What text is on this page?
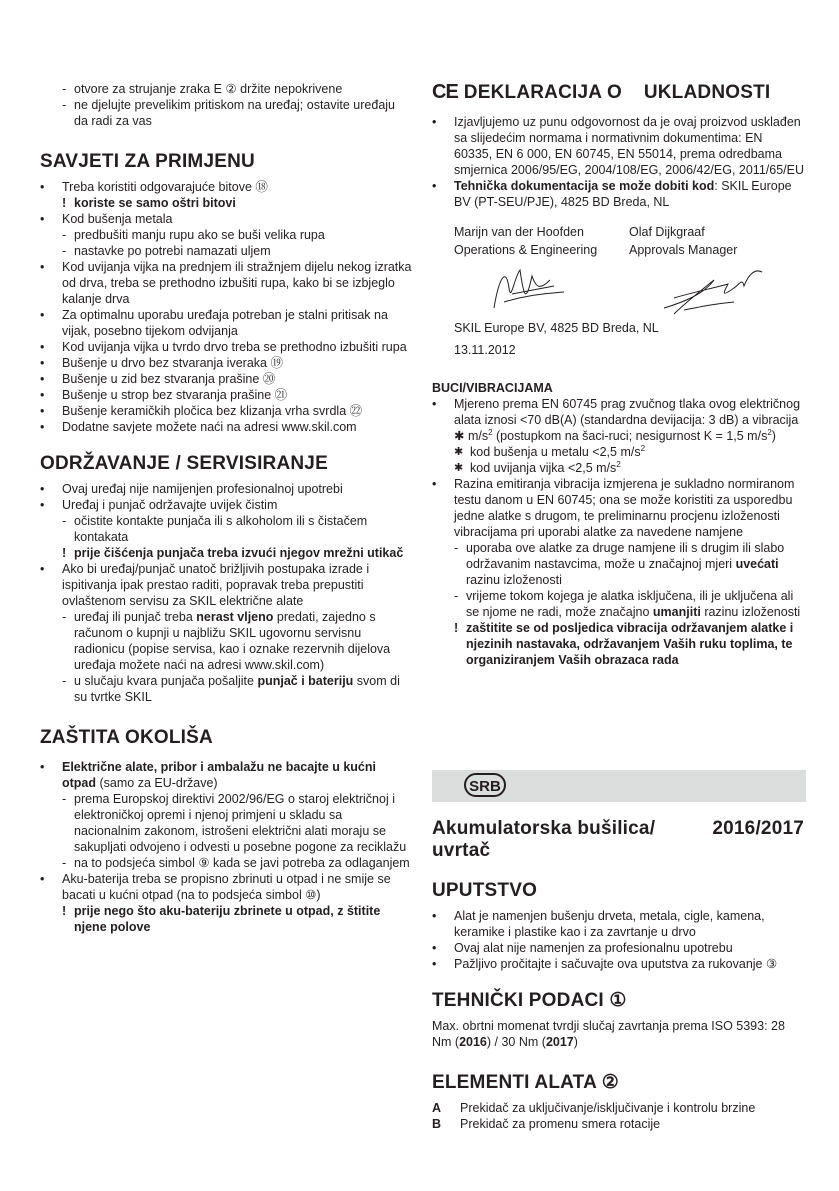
- otvore za strujanje zraka E ② držite nepokrivene
- ne djelujte prevelikim pritiskom na uređaj; ostavite uređaju da radi za vas
SAVJETI ZA PRIMJENU
• Treba koristiti odgovarajuće bitove ⑱
! koriste se samo oštri bitovi
• Kod bušenja metala
- predbušiti manju rupu ako se buši velika rupa
- nastavke po potrebi namazati uljem
• Kod uvijanja vijka na prednjem ili stražnjem dijelu nekog izratka od drva, treba se prethodno izbušiti rupa, kako bi se izbjeglo kalanje drva
• Za optimalnu uporabu uređaja potreban je stalni pritisak na vijak, posebno tijekom odvijanja
• Kod uvijanja vijka u tvrdo drvo treba se prethodno izbušiti rupa
• Bušenje u drvo bez stvaranja iveraka ⑲
• Bušenje u zid bez stvaranja prašine ⑳
• Bušenje u strop bez stvaranja prašine ㉑
• Bušenje keramičkih pločica bez klizanja vrha svrdla ㉒
• Dodatne savjete možete naći na adresi www.skil.com
ODRŽAVANJE / SERVISIRANJE
• Ovaj uređaj nije namijenjen profesionalnoj upotrebi
• Uređaj i punjač održavajte uvijek čistim
- očistite kontakte punjača ili s alkoholom ili s čistačem kontakata
! prije čišćenja punjača treba izvući njegov mrežni utikač
• Ako bi uređaj/punjač unatoč brižljivih postupaka izrade i ispitivanja ipak prestao raditi, popravak treba prepustiti ovlaštenom servisu za SKIL električne alate
- uređaj ili punjač treba nerast vljeno predati, zajedno s računom o kupnji u najbližu SKIL ugovornu servisnu radionicu (popise servisa, kao i oznake rezervnih dijelova uređaja možete naći na adresi www.skil.com)
- u slučaju kvara punjača pošaljite punjač i bateriju svom di                              su tvrtke SKIL
ZAŠTITA OKOLIŠA
• Električne alate, pribor i ambalažu ne bacajte u kućni otpad (samo za EU-države)
- prema Europskoj direktivi 2002/96/EG o staroj električnoj i elektroničkoj opremi i njenoj primjeni u skladu sa nacionalnim zakonom, istrošeni električni alati moraju se sakupljati odvojeno i odvesti u posebne pogone za reciklažu
- na to podsjeća simbol ⑨ kada se javi potreba za odlaganjem
• Aku-baterija treba se propisno zbrinuti u otpad i ne smije se bacati u kućni otpad (na to podsjeća simbol ⑩)
! prije nego što aku-bateriju zbrinete u otpad, z štitite njene polove
CE DEKLARACIJA O    UKLADNOSTI
• Izjavljujemo uz punu odgovornost da je ovaj proizvod usklađen sa slijedećim normama i normativnim dokumentima: EN 60335, EN 6 000, EN 60745, EN 55014, prema odredbama smjernica 2006/95/EG, 2004/108/EG, 2006/42/EG, 2011/65/EU
• Tehnička dokumentacija se može dobiti kod: SKIL Europe BV (PT-SEU/PJE), 4825 BD Breda, NL
Marijn van der Hoofden
Operations & Engineering
Olaf Dijkgraaf
Approvals Manager
SKIL Europe BV, 4825 BD Breda, NL
13.11.2012
BUCI/VIBRACIJAMA
• Mjereno prema EN 60745 prag zvučnog tlaka ovog električnog alata iznosi <70 dB(A) (standardna devijacija: 3 dB) a vibracija ✱ $m/s^2$ (postupkom na šaci-ruci; nesigurnost K = 1,5 $m/s^2$)
✱ kod bušenja u metalu <2,5 $m/s^2$
✱ kod uvijanja vijka <2,5 $m/s^2$
• Razina emitiranja vibracija izmjerena je sukladno normiranom testu danom u EN 60745; ona se može koristiti za usporedbu jedne alatke s drugom, te preliminarnu procjenu izloženosti vibracijama pri uporabi alatke za navedene namjene
- uporaba ove alatke za druge namjene ili s drugim ili slabo održavanim nastavcima, može u značajnoj mjeri uvećati razinu izloženosti
- vrijeme tokom kojega je alatka isključena, ili je uključena ali se njome ne radi, može značajno umanjiti razinu izloženosti
! zaštitite se od posljedica vibracija održavanjem alatke i njezinih nastavaka, održavanjem Vaših ruku toplima, te organiziranjem Vaših obrazaca rada
SRB
Akumulatorska bušilica/ uvrtač
2016/2017
UPUTSTVO
• Alat je namenjen bušenju drveta, metala, cigle, kamena, keramike i plastike kao i za zavrtanje u drvo
• Ovaj alat nije namenjen za profesionalnu upotrebu
• Pažljivo pročitajte i sačuvajte ova uputstva za rukovanje ③
TEHNIČKI PODACI ①
Max. obrtni momenat tvrdji slučaj zavrtanja prema ISO 5393: 28 Nm (2016) / 30 Nm (2017)
ELEMENTI ALATA ②
A	Prekidač za uključivanje/isključivanje i kontrolu brzine
B	Prekidač za promenu smera rotacije
